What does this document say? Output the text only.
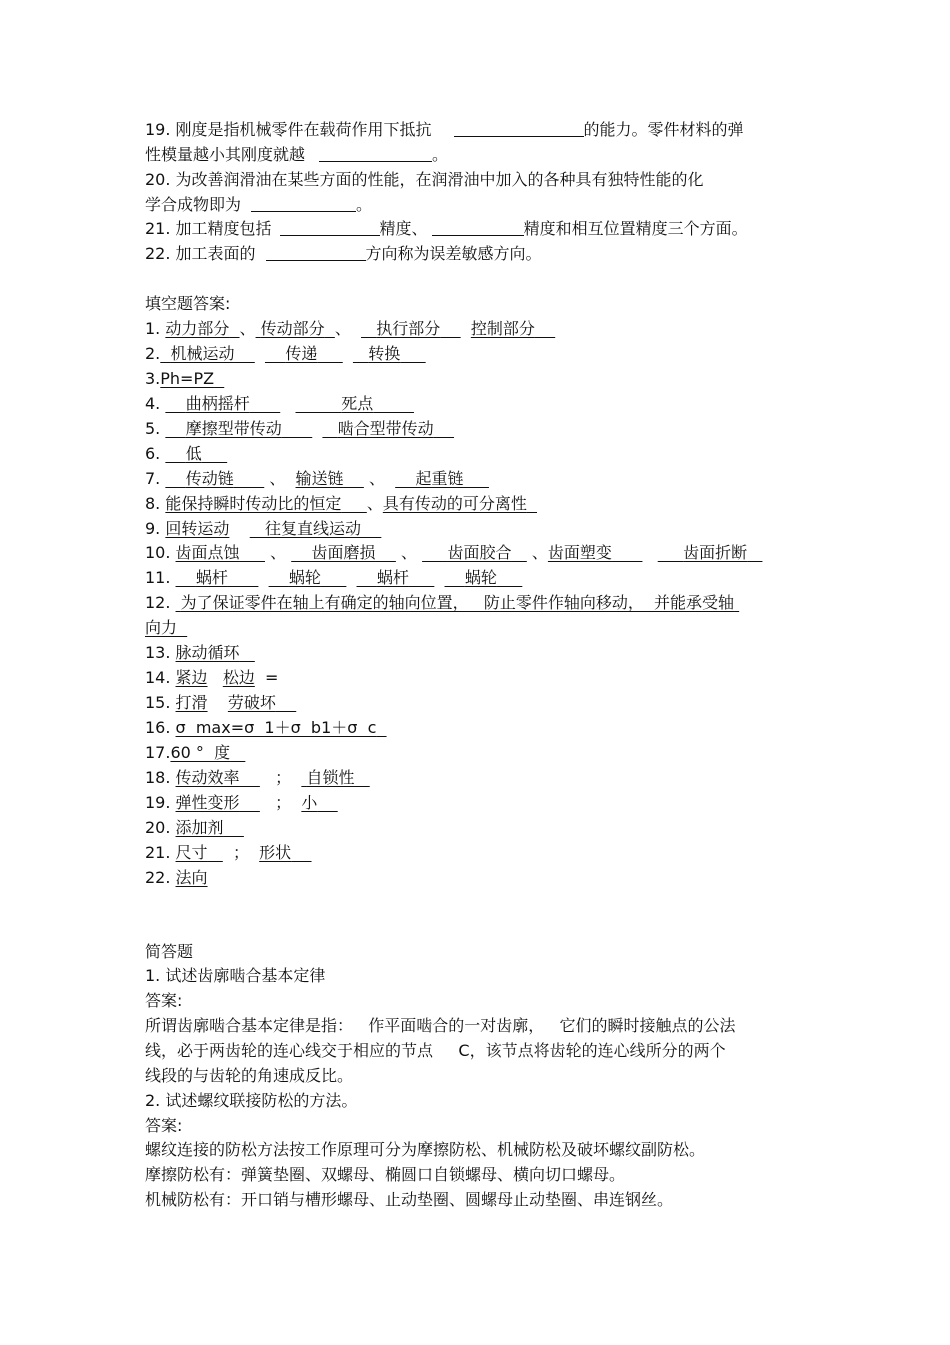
19. 刚度是指机械零件在载荷作用下抵抗	的能力。零件材料的弹
性模量越小其刚度就越	。
20. 为改善润滑油在某些方面的性能，在润滑油中加入的各种具有独特性能的化
学合成物即为	。
21. 加工精度包括	精度、	精度和相互位置精度三个方面。
22. 加工表面的	方向称为误差敏感方向。
填空题答案:
1. 动力部分 、 传动部分 、 执行部分 控制部分
2. 机械运动	传递	转换
3.Ph=PZ
4.     曲柄摇杆	死点
5.     摩擦型带传动	啮合型带传动
6.     低
7.     传动链 、 输送链 、 起重链
8. 能保持瞬时传动比的恒定 、具有传动的可分离性
9. 回转运动 往复直线运动
10. 齿面点蚀 、 齿面磨损 、 齿面胶合 、齿面塑变	齿面折断
11.     蜗杆	蜗轮	蜗杆	蜗轮
12.  为了保证零件在轴上有确定的轴向位置，   防止零件作轴向移动，  并能承受轴
向力
13. 脉动循环
14. 紧边 松边 =
15. 打滑 劳破坏
16. σ  max=σ  1＋σ  b1＋σ  c
17.60 °  度
18. 传动效率 ； 自锁性
19. 弹性变形 ； 小
20. 添加剂
21. 尺寸 ； 形状
22. 法向
简答题
1. 试述齿廓啮合基本定律
答案:
所谓齿廓啮合基本定律是指：   作平面啮合的一对齿廓，   它们的瞬时接触点的公法
线，必于两齿轮的连心线交于相应的节点     C，该节点将齿轮的连心线所分的两个
线段的与齿轮的角速成反比。
2. 试述螺纹联接防松的方法。
答案:
螺纹连接的防松方法按工作原理可分为摩擦防松、机械防松及破坏螺纹副防松。
摩擦防松有：弹簧垫圈、双螺母、椭圆口自锁螺母、横向切口螺母。
机械防松有：开口销与槽形螺母、止动垫圈、圆螺母止动垫圈、串连钢丝。
